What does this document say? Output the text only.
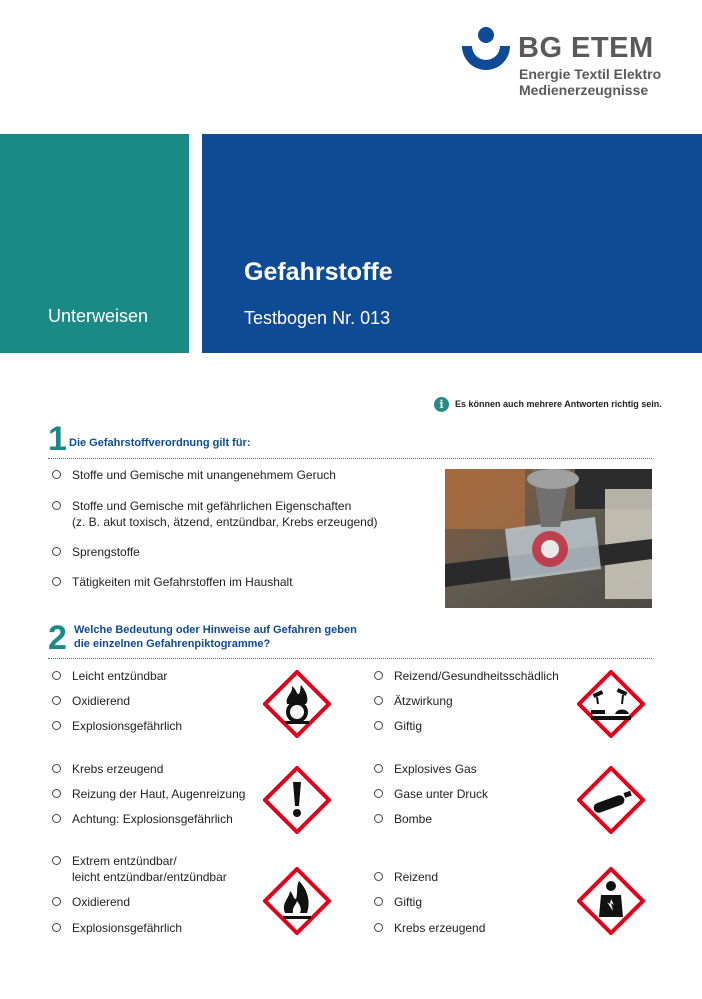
BG ETEM
Energie Textil Elektro
Medienerzeugnisse
Unterweisen
Gefahrstoffe
Testbogen Nr. 013
i	Es können auch mehrere Antworten richtig sein.
1 Die Gefahrstoffverordnung gilt für:
Stoffe und Gemische mit unangenehmem Geruch
Stoffe und Gemische mit gefährlichen Eigenschaften
(z. B. akut toxisch, ätzend, entzündbar, Krebs erzeugend)
Sprengstoffe
Tätigkeiten mit Gefahrstoffen im Haushalt
2 Welche Bedeutung oder Hinweise auf Gefahren geben
die einzelnen Gefahrenpiktogramme?
Leicht entzündbar
Oxidierend
Explosionsgefährlich
Reizend/Gesundheitsschädlich
Ätzwirkung
Giftig
Krebs erzeugend
Reizung der Haut, Augenreizung
Achtung: Explosionsgefährlich
Explosives Gas
Gase unter Druck
Bombe
Extrem entzündbar/
leicht entzündbar/entzündbar
Oxidierend
Explosionsgefährlich
Reizend
Giftig
Krebs erzeugend
